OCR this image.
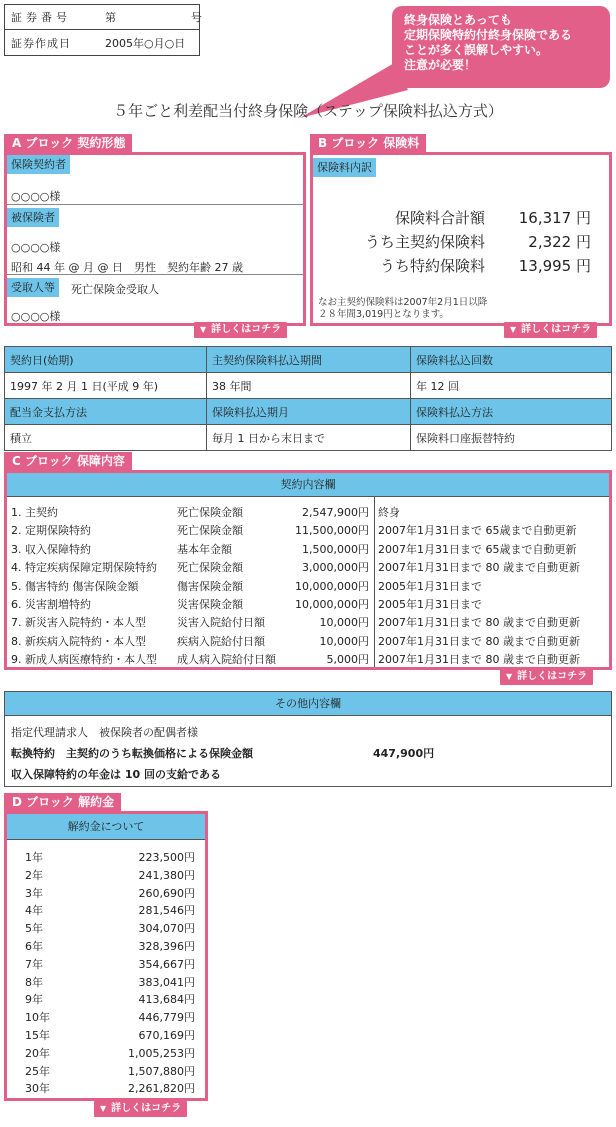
証券番号	第	号
証券作成日	2005年○月○日
終身保険とあっても
定期保険特約付終身保険である
ことが多く誤解しやすい。
注意が必要！
５年ごと利差配当付終身保険（ステップ保険料払込方式）
A ブロック 契約形態
保険契約者
○○○○様
被保険者
○○○○様
昭和 44 年 @ 月 @ 日　男性　契約年齢 27 歳
受取人等	死亡保険金受取人
○○○○様
▼ 詳しくはコチラ
B ブロック 保険料
保険料内訳
保険料合計額 16,317 円
うち主契約保険料	2,322 円
うち特約保険料 13,995 円
なお主契約保険料は2007年2月1日以降
２８年間3,019円となります。
▼ 詳しくはコチラ
契約日(始期)	主契約保険料払込期間	保険料払込回数
1997 年 2 月 1 日(平成 9 年)	38 年間	年 12 回
配当金支払方法	保険料払込期月	保険料払込方法
積立	毎月 1 日から末日まで	保険料口座振替特約
C ブロック 保障内容
契約内容欄
1. 主契約	死亡保険金額	2,547,900円 終身
2. 定期保険特約	死亡保険金額	11,500,000円 2007年1月31日まで 65歳まで自動更新
3. 収入保障特約	基本年金額	1,500,000円 2007年1月31日まで 65歳まで自動更新
4. 特定疾病保障定期保険特約 死亡保険金額	3,000,000円 2007年1月31日まで 80 歳まで自動更新
5. 傷害特約 傷害保険金額	傷害保険金額	10,000,000円 2005年1月31日まで
6. 災害割増特約	災害保険金額	10,000,000円 2005年1月31日まで
7. 新災害入院特約・本人型	災害入院給付日額	10,000円 2007年1月31日まで 80 歳まで自動更新
8. 新疾病入院特約・本人型	疾病入院給付日額	10,000円 2007年1月31日まで 80 歳まで自動更新
9. 新成人病医療特約・本人型 成人病入院給付日額	5,000円 2007年1月31日まで 80 歳まで自動更新
▼ 詳しくはコチラ
その他内容欄
指定代理請求人　被保険者の配偶者様
転換特約　主契約のうち転換価格による保険金額	447,900円
収入保障特約の年金は 10 回の支給である
D ブロック 解約金
解約金について
1年	223,500円
2年	241,380円
3年	260,690円
4年	281,546円
5年	304,070円
6年	328,396円
7年	354,667円
8年	383,041円
9年	413,684円
10年	446,779円
15年	670,169円
20年	1,005,253円
25年	1,507,880円
30年	2,261,820円
▼ 詳しくはコチラ
